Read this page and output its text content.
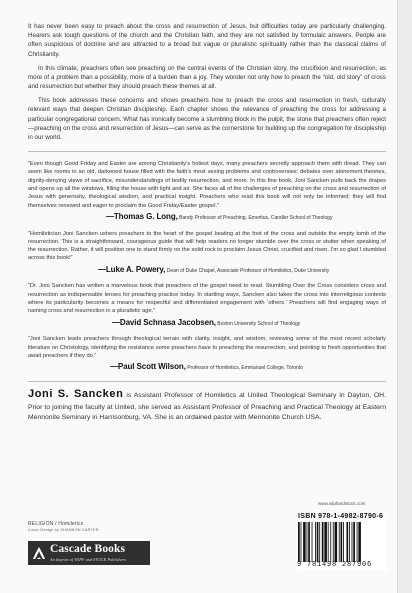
It has never been easy to preach about the cross and resurrection of Jesus, but difficulties today are particularly challenging. Hearers ask tough questions of the church and the Christian faith, and they are not satisfied by formulaic answers. People are often suspicious of doctrine and are attracted to a broad but vague or pluralistic spirituality rather than the classical claims of Christianity.

In this climate, preachers often see preaching on the central events of the Christian story, the crucifixion and resurrection, as more of a problem than a possibility, more of a burden than a joy. They wonder not only how to preach the “old, old story” of cross and resurrection but whether they should preach these themes at all.

This book addresses these concerns and shows preachers how to preach the cross and resurrection in fresh, culturally relevant ways that deepen Christian discipleship. Each chapter shows the relevance of preaching the cross for addressing a particular congregational concern. What has ironically become a stumbling block in the pulpit, the stone that preachers often reject—preaching on the cross and resurrection of Jesus—can serve as the cornerstone for building up the congregation for discipleship in our world.

“Even though Good Friday and Easter are among Christianity’s holiest days, many preachers secretly approach them with dread. They can seem like rooms in an old, darkened house filled with the faith’s most vexing problems and controversies: debates over atonement theories, dignity-denying views of sacrifice, misunderstandings of bodily resurrection, and more. In this fine book, Joni Sancken pulls back the drapes and opens up all the windows, filling the house with light and air. She faces all of the challenges of preaching on the cross and resurrection of Jesus with generosity, theological wisdom, and practical insight. Preachers who read this book will not only be informed; they will find themselves renewed and eager to proclaim the Good Friday/Easter gospel.”

—Thomas G. Long, Bandy Professor of Preaching, Emeritus, Candler School of Theology

“Homiletician Joni Sancken ushers preachers to the heart of the gospel beating at the foot of the cross and outside the empty tomb of the resurrection. This is a straightforward, courageous guide that will help readers no longer stumble over the cross or stutter when speaking of the resurrection. Rather, it will position one to stand firmly on the solid rock to proclaim Jesus Christ, crucified and risen. I’m so glad I stumbled across this book!”

—Luke A. Powery, Dean of Duke Chapel, Associate Professor of Homiletics, Duke University

“Dr. Joni Sancken has written a marvelous book that preachers of the gospel need to read. Stumbling Over the Cross considers cross and resurrection as indispensable lenses for preaching practice today. In startling ways, Sancken also takes the cross into interreligious contexts where its particularity becomes a means for respectful and differentiated engagement with ‘others.’ Preachers will find engaging ways of naming cross and resurrection in a pluralistic age.”

—David Schnasa Jacobsen, Boston University School of Theology

“Joni Sancken leads preachers through theological terrain with clarity, insight, and wisdom, reviewing some of the most recent scholarly literature on Christology, identifying the resistance some preachers have to preaching the resurrection, and pointing to fresh opportunities that await preachers if they do.”

—Paul Scott Wilson, Professor of Homiletics, Emmanuel College, Toronto

Joni S. Sancken is Assistant Professor of Homiletics at United Theological Seminary in Dayton, OH. Prior to joining the faculty at United, she served as Assistant Professor of Preaching and Practical Theology at Eastern Mennonite Seminary in Harrisonburg, VA. She is an ordained pastor with Mennonite Church USA.

www.wipfandstock.com
RELIGION / Homiletics
Cover Design by SHANNON CARTER
Cascade Books
An Imprint of WIPF and STOCK Publishers
ISBN 978-1-4982-8790-6
9 781498 287906
